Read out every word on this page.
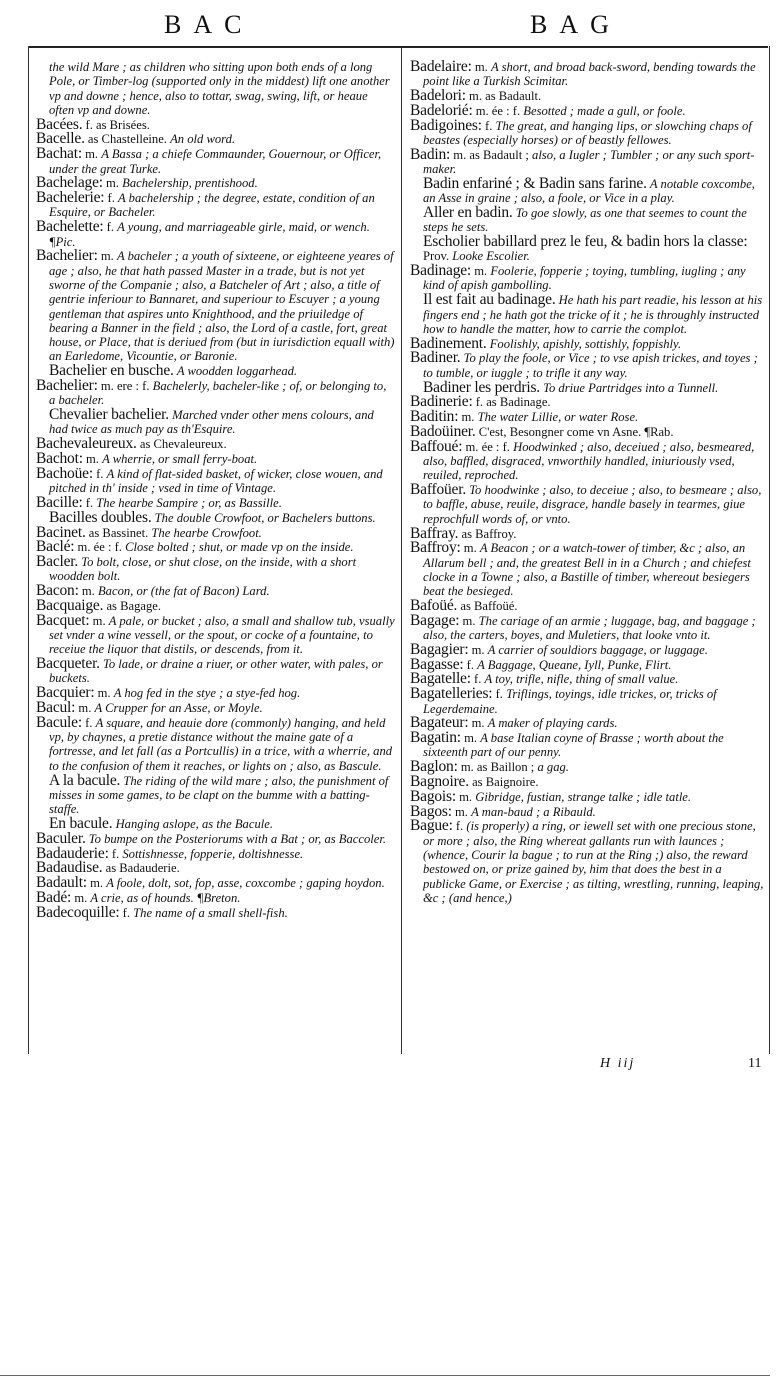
BAC	BAG
the wild Mare ; as children who sitting upon both ends of a long Pole, or Timber-log (supported only in the middest) lift one another vp and downe ; hence, also to tottar, swag, swing, lift, or heaue often vp and downe.
Bacées. f. as Brisées.
Bacelle. as Chastelleine. An old word.
Bachat: m. A Bassa ; a chiefe Commaunder, Gouernour, or Officer, under the great Turke.
Bachelage: m. Bachelership, prentishood.
Bachelerie: f. A bachelership ; the degree, estate, condition of an Esquire, or Bacheler.
Bachelette: f. A young, and marriageable girle, maid, or wench. ¶Pic.
Bachelier: m. A bacheler ; a youth of sixteene, or eighteene yeares of age ; also, he that hath passed Master in a trade, but is not yet sworne of the Companie ; also, a Batcheler of Art ; also, a title of gentrie inferiour to Bannaret, and superiour to Escuyer ; a young gentleman that aspires unto Knighthood, and the priuiledge of bearing a Banner in the field ; also, the Lord of a castle, fort, great house, or Place, that is deriued from (but in iurisdiction equall with) an Earledome, Vicountie, or Baronie.
Bachelier en busche. A woodden loggarhead.
Bachelier: m. ere : f. Bachelerly, bacheler-like ; of, or belonging to, a bacheler.
Chevalier bachelier. Marched vnder other mens colours, and had twice as much pay as th'Esquire.
Bachevaleureux. as Chevaleureux.
Bachot: m. A wherrie, or small ferry-boat.
Bachoüe: f. A kind of flat-sided basket, of wicker, close wouen, and pitched in th' inside ; vsed in time of Vintage.
Bacille: f. The hearbe Sampire ; or, as Bassille.
Bacilles doubles. The double Crowfoot, or Bachelers buttons.
Bacinet. as Bassinet. The hearbe Crowfoot.
Baclé: m. ée : f. Close bolted ; shut, or made vp on the inside.
Bacler. To bolt, close, or shut close, on the inside, with a short woodden bolt.
Bacon: m. Bacon, or (the fat of Bacon) Lard.
Bacquaige. as Bagage.
Bacquet: m. A pale, or bucket ; also, a small and shallow tub, vsually set vnder a wine vessell, or the spout, or cocke of a fountaine, to receiue the liquor that distils, or descends, from it.
Bacqueter. To lade, or draine a riuer, or other water, with pales, or buckets.
Bacquier: m. A hog fed in the stye ; a stye-fed hog.
Bacul: m. A Crupper for an Asse, or Moyle.
Bacule: f. A square, and heauie dore (commonly) hanging, and held vp, by chaynes, a pretie distance without the maine gate of a fortresse, and let fall (as a Portcullis) in a trice, with a wherrie, and to the confusion of them it reaches, or lights on ; also, as Bascule.
A la bacule. The riding of the wild mare ; also, the punishment of misses in some games, to be clapt on the bumme with a batting-staffe.
En bacule. Hanging aslope, as the Bacule.
Baculer. To bumpe on the Posteriorums with a Bat ; or, as Baccoler.
Badauderie: f. Sottishnesse, fopperie, doltishnesse.
Badaudise. as Badauderie.
Badault: m. A foole, dolt, sot, fop, asse, coxcombe ; gaping hoydon.
Badé: m. A crie, as of hounds. ¶Breton.
Badecoquille: f. The name of a small shell-fish.
Badelaire: m. A short, and broad back-sword, bending towards the point like a Turkish Scimitar.
Badelori: m. as Badault.
Badelorié: m. ée : f. Besotted ; made a gull, or foole.
Badigoines: f. The great, and hanging lips, or slowching chaps of beastes (especially horses) or of beastly fellowes.
Badin: m. as Badault ; also, a Iugler ; Tumbler ; or any such sport-maker.
Badin enfariné ; & Badin sans farine. A notable coxcombe, an Asse in graine ; also, a foole, or Vice in a play.
Aller en badin. To goe slowly, as one that seemes to count the steps he sets.
Escholier babillard prez le feu, & badin hors la classe: Prov. Looke Escolier.
Badinage: m. Foolerie, fopperie ; toying, tumbling, iugling ; any kind of apish gambolling.
Il est fait au badinage. He hath his part readie, his lesson at his fingers end ; he hath got the tricke of it ; he is throughly instructed how to handle the matter, how to carrie the complot.
Badinement. Foolishly, apishly, sottishly, foppishly.
Badiner. To play the foole, or Vice ; to vse apish trickes, and toyes ; to tumble, or iuggle ; to trifle it any way.
Badiner les perdris. To driue Partridges into a Tunnell.
Badinerie: f. as Badinage.
Baditin: m. The water Lillie, or water Rose.
Badoüiner. C'est, Besongner come vn Asne. ¶Rab.
Baffoué: m. ée : f. Hoodwinked ; also, deceiued ; also, besmeared, also, baffled, disgraced, vnworthily handled, iniuriously vsed, reuiled, reproched.
Baffoüer. To hoodwinke ; also, to deceiue ; also, to besmeare ; also, to baffle, abuse, reuile, disgrace, handle basely in tearmes, giue reprochfull words of, or vnto.
Baffray. as Baffroy.
Baffroy: m. A Beacon ; or a watch-tower of timber, &c ; also, an Allarum bell ; and, the greatest Bell in in a Church ; and chiefest clocke in a Towne ; also, a Bastille of timber, whereout besiegers beat the besieged.
Bafoüé. as Baffoüé.
Bagage: m. The cariage of an armie ; luggage, bag, and baggage ; also, the carters, boyes, and Muletiers, that looke vnto it.
Bagagier: m. A carrier of souldiors baggage, or luggage.
Bagasse: f. A Baggage, Queane, Iyll, Punke, Flirt.
Bagatelle: f. A toy, trifle, nifle, thing of small value.
Bagatelleries: f. Triflings, toyings, idle trickes, or, tricks of Legerdemaine.
Bagateur: m. A maker of playing cards.
Bagatin: m. A base Italian coyne of Brasse ; worth about the sixteenth part of our penny.
Baglon: m. as Baillon ; a gag.
Bagnoire. as Baignoire.
Bagois: m. Gibridge, fustian, strange talke ; idle tatle.
Bagos: m. A man-baud ; a Ribauld.
Bague: f. (is properly) a ring, or iewell set with one precious stone, or more ; also, the Ring whereat gallants run with launces ; (whence, Courir la bague ; to run at the Ring ;) also, the reward bestowed on, or prize gained by, him that does the best in a publicke Game, or Exercise ; as tilting, wrestling, running, leaping, &c ; (and hence,)
H iij	11
